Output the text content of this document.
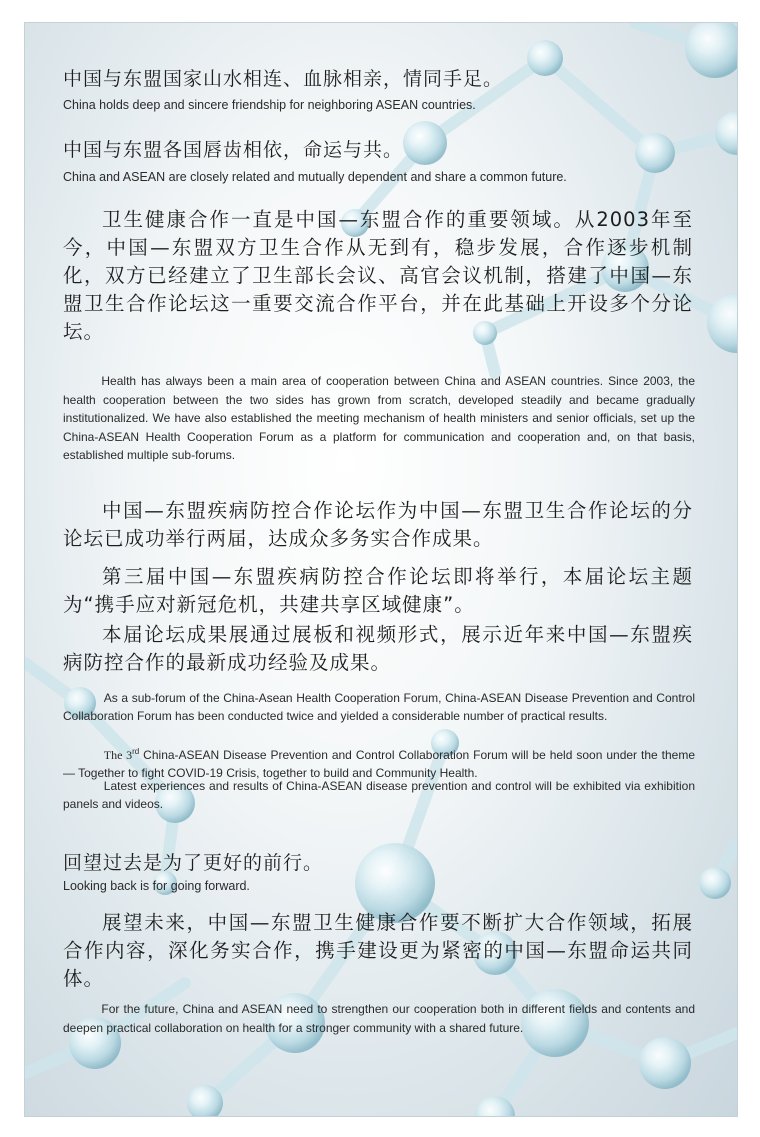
中国与东盟国家山水相连、血脉相亲，情同手足。
China holds deep and sincere friendship for neighboring ASEAN countries.
中国与东盟各国唇齿相依，命运与共。
China and ASEAN are closely related and mutually dependent and share a common future.
卫生健康合作一直是中国—东盟合作的重要领域。从2003年至今，中国—东盟双方卫生合作从无到有，稳步发展，合作逐步机制化，双方已经建立了卫生部长会议、高官会议机制，搭建了中国—东盟卫生合作论坛这一重要交流合作平台，并在此基础上开设多个分论坛。
Health has always been a main area of cooperation between China and ASEAN countries. Since 2003, the health cooperation between the two sides has grown from scratch, developed steadily and became gradually institutionalized. We have also established the meeting mechanism of health ministers and senior officials, set up the China-ASEAN Health Cooperation Forum as a platform for communication and cooperation and, on that basis, established multiple sub-forums.
中国—东盟疾病防控合作论坛作为中国—东盟卫生合作论坛的分论坛已成功举行两届，达成众多务实合作成果。
第三届中国—东盟疾病防控合作论坛即将举行，本届论坛主题为“携手应对新冠危机，共建共享区域健康”。
本届论坛成果展通过展板和视频形式，展示近年来中国—东盟疾病防控合作的最新成功经验及成果。
As a sub-forum of the China-Asean Health Cooperation Forum, China-ASEAN Disease Prevention and Control Collaboration Forum has been conducted twice and yielded a considerable number of practical results.
The 3rd China-ASEAN Disease Prevention and Control Collaboration Forum will be held soon under the theme — Together to fight COVID-19 Crisis, together to build and Community Health.
Latest experiences and results of China-ASEAN disease prevention and control will be exhibited via exhibition panels and videos.
回望过去是为了更好的前行。
Looking back is for going forward.
展望未来，中国—东盟卫生健康合作要不断扩大合作领域，拓展合作内容，深化务实合作，携手建设更为紧密的中国—东盟命运共同体。
For the future, China and ASEAN need to strengthen our cooperation both in different fields and contents and deepen practical collaboration on health for a stronger community with a shared future.
